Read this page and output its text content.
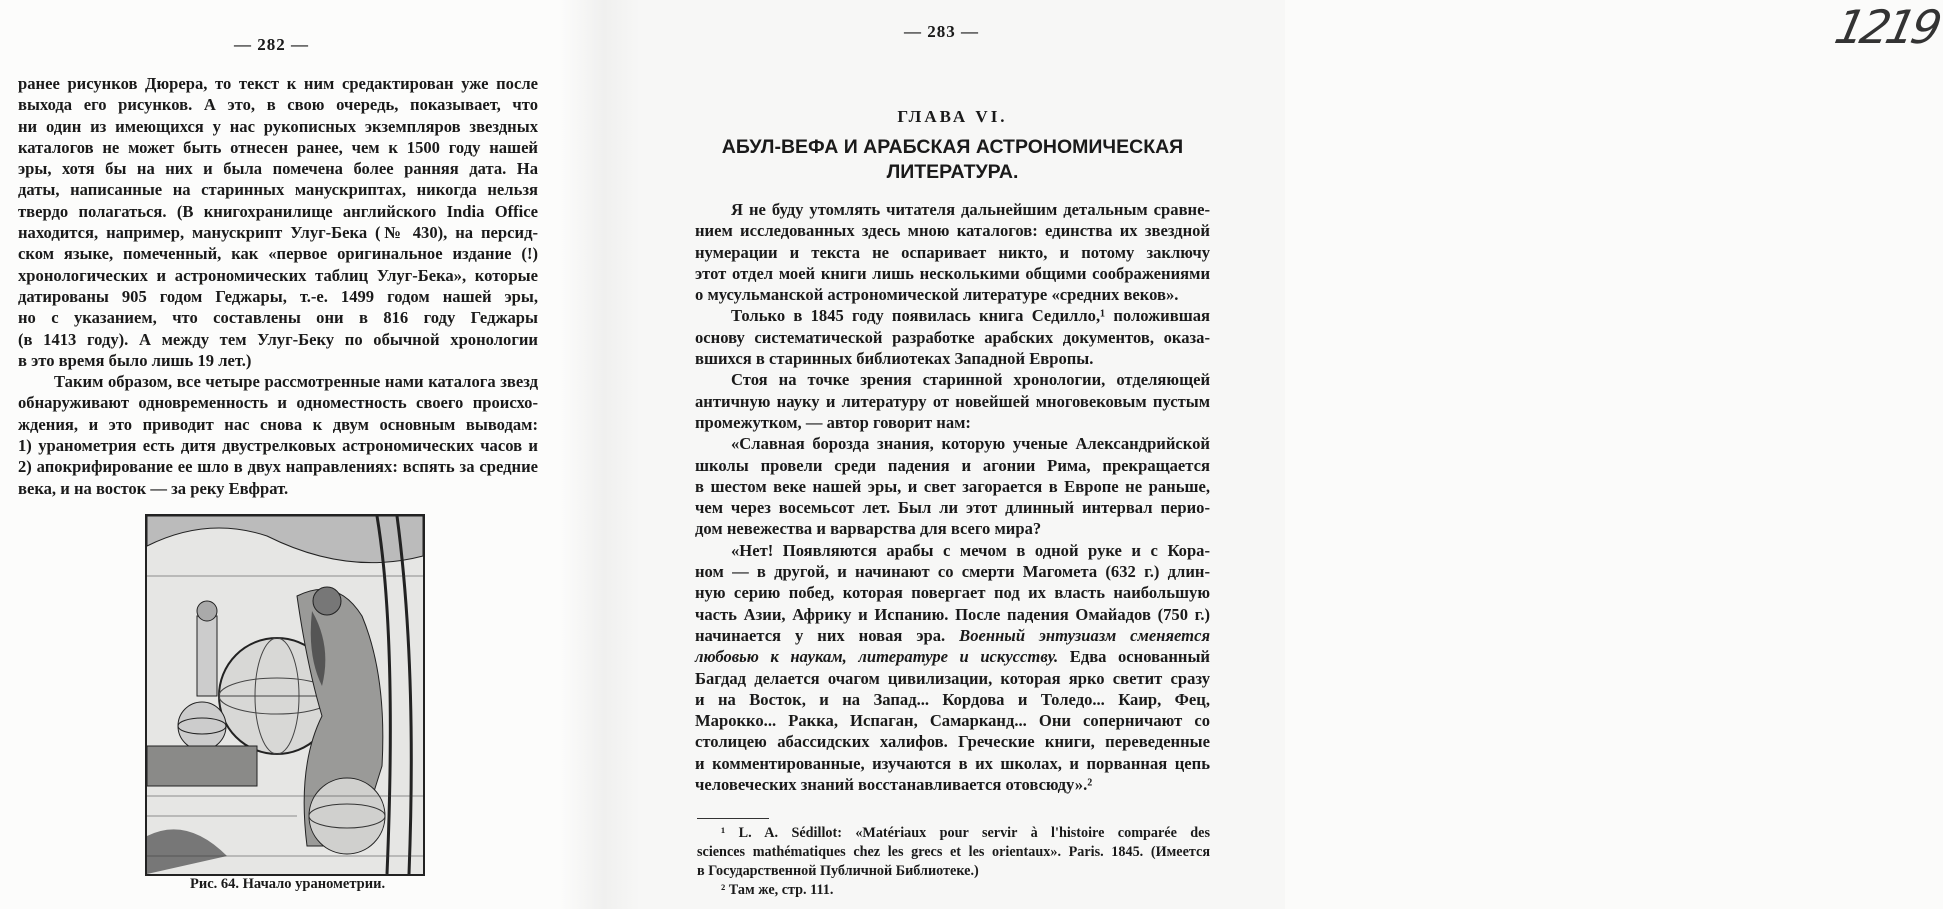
— 282 —
ранее рисунков Дюрера, то текст к ним средактирован уже после
выхода его рисунков. А это, в свою очередь, показывает, что
ни один из имеющихся у нас рукописных экземпляров звездных
каталогов не может быть отнесен ранее, чем к 1500 году нашей
эры, хотя бы на них и была помечена более ранняя дата. На
даты, написанные на старинных манускриптах, никогда нельзя
твердо полагаться. (В книгохранилище английского India Office
находится, например, манускрипт Улуг-Бека (№ 430), на персид-
ском языке, помеченный, как «первое оригинальное издание (!)
хронологических и астрономических таблиц Улуг-Бека», которые
датированы 905 годом Геджары, т.-е. 1499 годом нашей эры,
но с указанием, что составлены они в 816 году Геджары
(в 1413 году). А между тем Улуг-Беку по обычной хронологии
в это время было лишь 19 лет.)
Таким образом, все четыре рассмотренные нами каталога звезд
обнаруживают одновременность и одноместность своего происхо-
ждения, и это приводит нас снова к двум основным выводам:
1) уранометрия есть дитя двустрелковых астрономических часов и
2) апокрифирование ее шло в двух направлениях: вспять за средние
века, и на восток — за реку Евфрат.
Рис. 64. Начало уранометрии.
— 283 —	1219
ГЛАВА VI.
АБУЛ-ВЕФА И АРАБСКАЯ АСТРОНОМИЧЕСКАЯ
ЛИТЕРАТУРА.
Я не буду утомлять читателя дальнейшим детальным сравне-
нием исследованных здесь мною каталогов: единства их звездной
нумерации и текста не оспаривает никто, и потому заключу
этот отдел моей книги лишь несколькими общими соображениями
о мусульманской астрономической литературе «средних веков».
Только в 1845 году появилась книга Седилло,¹ положившая
основу систематической разработке арабских документов, оказа-
вшихся в старинных библиотеках Западной Европы.
Стоя на точке зрения старинной хронологии, отделяющей
античную науку и литературу от новейшей многовековым пустым
промежутком, — автор говорит нам:
«Славная борозда знания, которую ученые Александрийской
школы провели среди падения и агонии Рима, прекращается
в шестом веке нашей эры, и свет загорается в Европе не раньше,
чем через восемьсот лет. Был ли этот длинный интервал перио-
дом невежества и варварства для всего мира?
«Нет! Появляются арабы с мечом в одной руке и с Кора-
ном — в другой, и начинают со смерти Магомета (632 г.) длин-
ную серию побед, которая повергает под их власть наибольшую
часть Азии, Африку и Испанию. После падения Омайадов (750 г.)
начинается у них новая эра. Военный энтузиазм сменяется
любовью к наукам, литературе и искусству. Едва основанный
Багдад делается очагом цивилизации, которая ярко светит сразу
и на Восток, и на Запад... Кордова и Толедо... Каир, Фец,
Марокко... Ракка, Испаган, Самарканд... Они соперничают со
столицею абассидских халифов. Греческие книги, переведенные
и комментированные, изучаются в их школах, и порванная цепь
человеческих знаний восстанавливается отовсюду».²
¹ L. A. Sédillot: «Matériaux pour servir à l'histoire comparée des
sciences mathématiques chez les grecs et les orientaux». Paris. 1845. (Имеется
в Государственной Публичной Библиотеке.)
² Там же, стр. 111.
